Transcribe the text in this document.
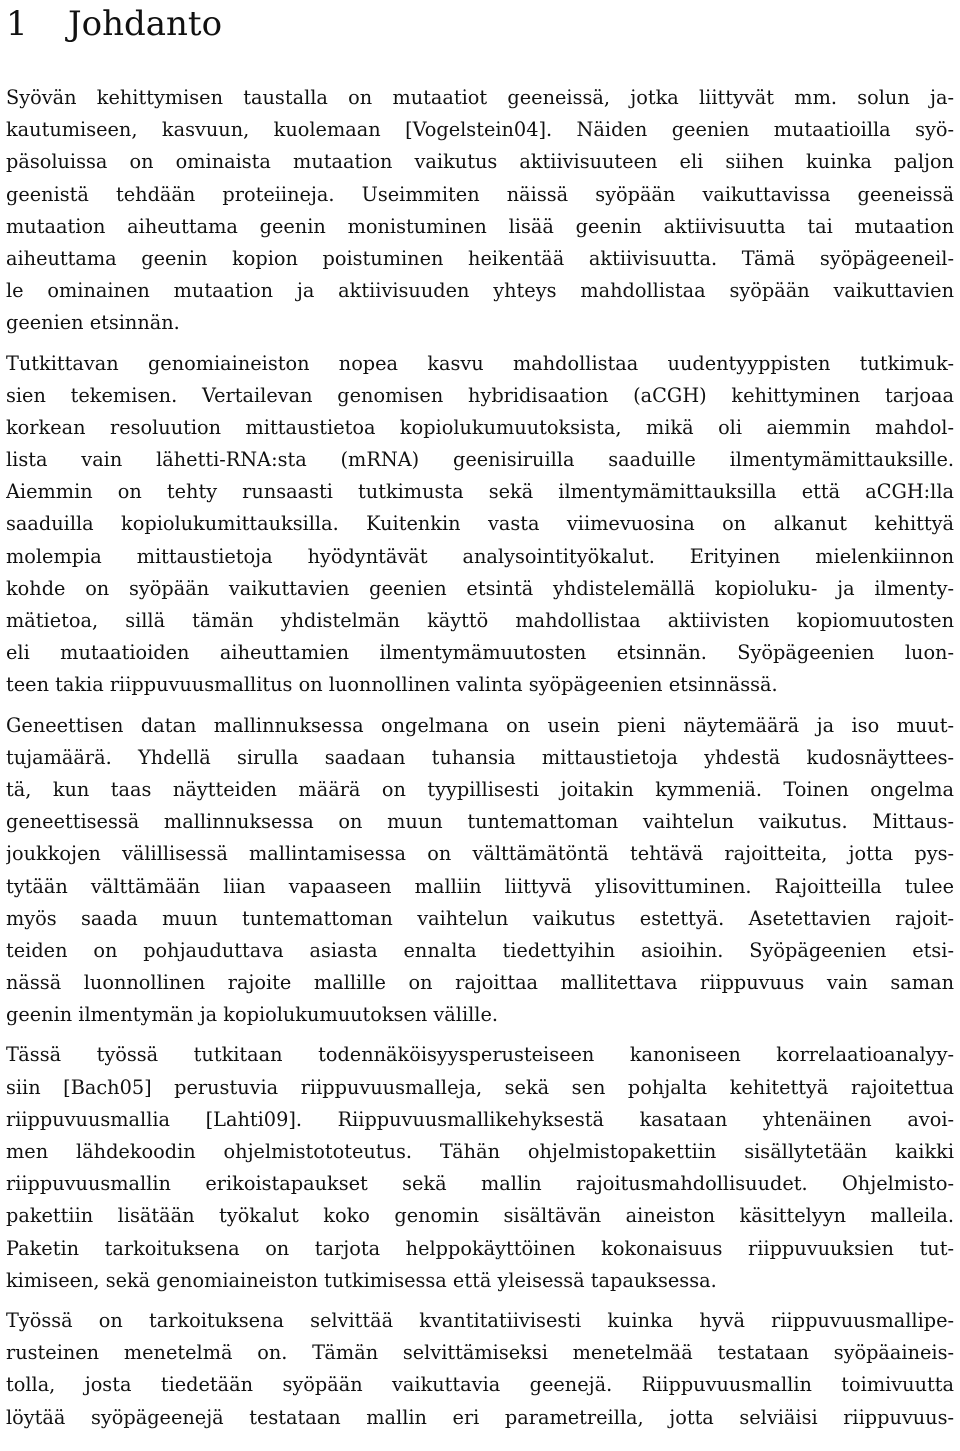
1 Johdanto
Syövän kehittymisen taustalla on mutaatiot geeneissä, jotka liittyvät mm. solun ja-
kautumiseen, kasvuun, kuolemaan [Vogelstein04]. Näiden geenien mutaatioilla syö-
päsoluissa on ominaista mutaation vaikutus aktiivisuuteen eli siihen kuinka paljon
geenistä tehdään proteiineja. Useimmiten näissä syöpään vaikuttavissa geeneissä
mutaation aiheuttama geenin monistuminen lisää geenin aktiivisuutta tai mutaation
aiheuttama geenin kopion poistuminen heikentää aktiivisuutta. Tämä syöpägeeneil-
le ominainen mutaation ja aktiivisuuden yhteys mahdollistaa syöpään vaikuttavien
geenien etsinnän.
Tutkittavan genomiaineiston nopea kasvu mahdollistaa uudentyyppisten tutkimuk-
sien tekemisen. Vertailevan genomisen hybridisaation (aCGH) kehittyminen tarjoaa
korkean resoluution mittaustietoa kopiolukumuutoksista, mikä oli aiemmin mahdol-
lista vain lähetti-RNA:sta (mRNA) geenisiruilla saaduille ilmentymämittauksille.
Aiemmin on tehty runsaasti tutkimusta sekä ilmentymämittauksilla että aCGH:lla
saaduilla kopiolukumittauksilla. Kuitenkin vasta viimevuosina on alkanut kehittyä
molempia mittaustietoja hyödyntävät analysointityökalut. Erityinen mielenkiinnon
kohde on syöpään vaikuttavien geenien etsintä yhdistelemällä kopioluku- ja ilmenty-
mätietoa, sillä tämän yhdistelmän käyttö mahdollistaa aktiivisten kopiomuutosten
eli mutaatioiden aiheuttamien ilmentymämuutosten etsinnän. Syöpägeenien luon-
teen takia riippuvuusmallitus on luonnollinen valinta syöpägeenien etsinnässä.
Geneettisen datan mallinnuksessa ongelmana on usein pieni näytemäärä ja iso muut-
tujamäärä. Yhdellä sirulla saadaan tuhansia mittaustietoja yhdestä kudosnäyttees-
tä, kun taas näytteiden määrä on tyypillisesti joitakin kymmeniä. Toinen ongelma
geneettisessä mallinnuksessa on muun tuntemattoman vaihtelun vaikutus. Mittaus-
joukkojen välillisessä mallintamisessa on välttämätöntä tehtävä rajoitteita, jotta pys-
tytään välttämään liian vapaaseen malliin liittyvä ylisovittuminen. Rajoitteilla tulee
myös saada muun tuntemattoman vaihtelun vaikutus estettyä. Asetettavien rajoit-
teiden on pohjauduttava asiasta ennalta tiedettyihin asioihin. Syöpägeenien etsi-
nässä luonnollinen rajoite mallille on rajoittaa mallitettava riippuvuus vain saman
geenin ilmentymän ja kopiolukumuutoksen välille.
Tässä työssä tutkitaan todennäköisyysperusteiseen kanoniseen korrelaatioanalyy-
siin [Bach05] perustuvia riippuvuusmalleja, sekä sen pohjalta kehitettyä rajoitettua
riippuvuusmallia [Lahti09]. Riippuvuusmallikehyksestä kasataan yhtenäinen avoi-
men lähdekoodin ohjelmistototeutus. Tähän ohjelmistopakettiin sisällytetään kaikki
riippuvuusmallin erikoistapaukset sekä mallin rajoitusmahdollisuudet. Ohjelmisto-
pakettiin lisätään työkalut koko genomin sisältävän aineiston käsittelyyn malleila.
Paketin tarkoituksena on tarjota helppokäyttöinen kokonaisuus riippuvuuksien tut-
kimiseen, sekä genomiaineiston tutkimisessa että yleisessä tapauksessa.
Työssä on tarkoituksena selvittää kvantitatiivisesti kuinka hyvä riippuvuusmallipe-
rusteinen menetelmä on. Tämän selvittämiseksi menetelmää testataan syöpäaineis-
tolla, josta tiedetään syöpään vaikuttavia geenejä. Riippuvuusmallin toimivuutta
löytää syöpägeenejä testataan mallin eri parametreilla, jotta selviäisi riippuvuus-
